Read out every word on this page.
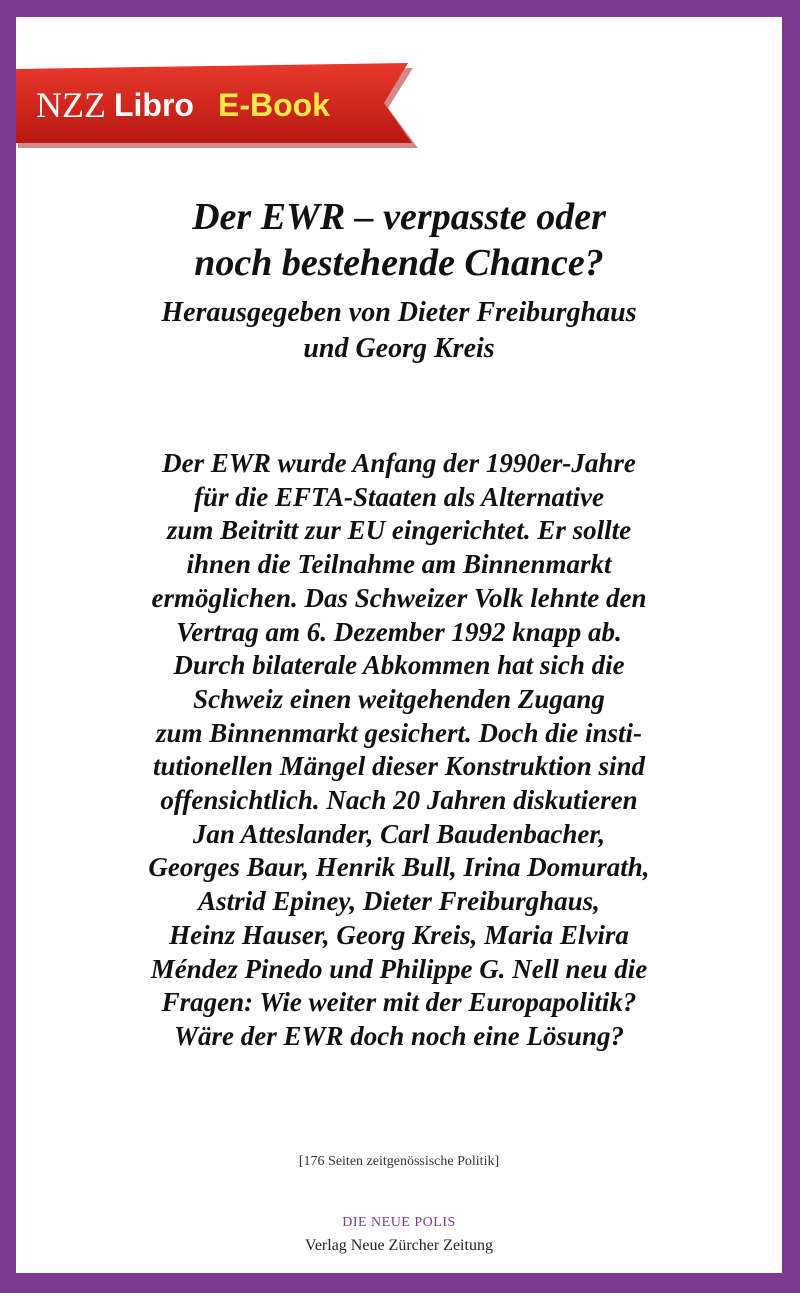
NZZ Libro E-Book
Der EWR – verpasste oder
noch bestehende Chance?
Herausgegeben von Dieter Freiburghaus
und Georg Kreis
Der EWR wurde Anfang der 1990er-Jahre
für die EFTA-Staaten als Alternative
zum Beitritt zur EU eingerichtet. Er sollte
ihnen die Teilnahme am Binnenmarkt
ermöglichen. Das Schweizer Volk lehnte den
Vertrag am 6. Dezember 1992 knapp ab.
Durch bilaterale Abkommen hat sich die
Schweiz einen weitgehenden Zugang
zum Binnenmarkt gesichert. Doch die insti-
tutionellen Mängel dieser Konstruktion sind
offensichtlich. Nach 20 Jahren diskutieren
Jan Atteslander, Carl Baudenbacher,
Georges Baur, Henrik Bull, Irina Domurath,
Astrid Epiney, Dieter Freiburghaus,
Heinz Hauser, Georg Kreis, Maria Elvira
Méndez Pinedo und Philippe G. Nell neu die
Fragen: Wie weiter mit der Europapolitik?
Wäre der EWR doch noch eine Lösung?
[176 Seiten zeitgenössische Politik]
DIE NEUE POLIS
Verlag Neue Zürcher Zeitung
